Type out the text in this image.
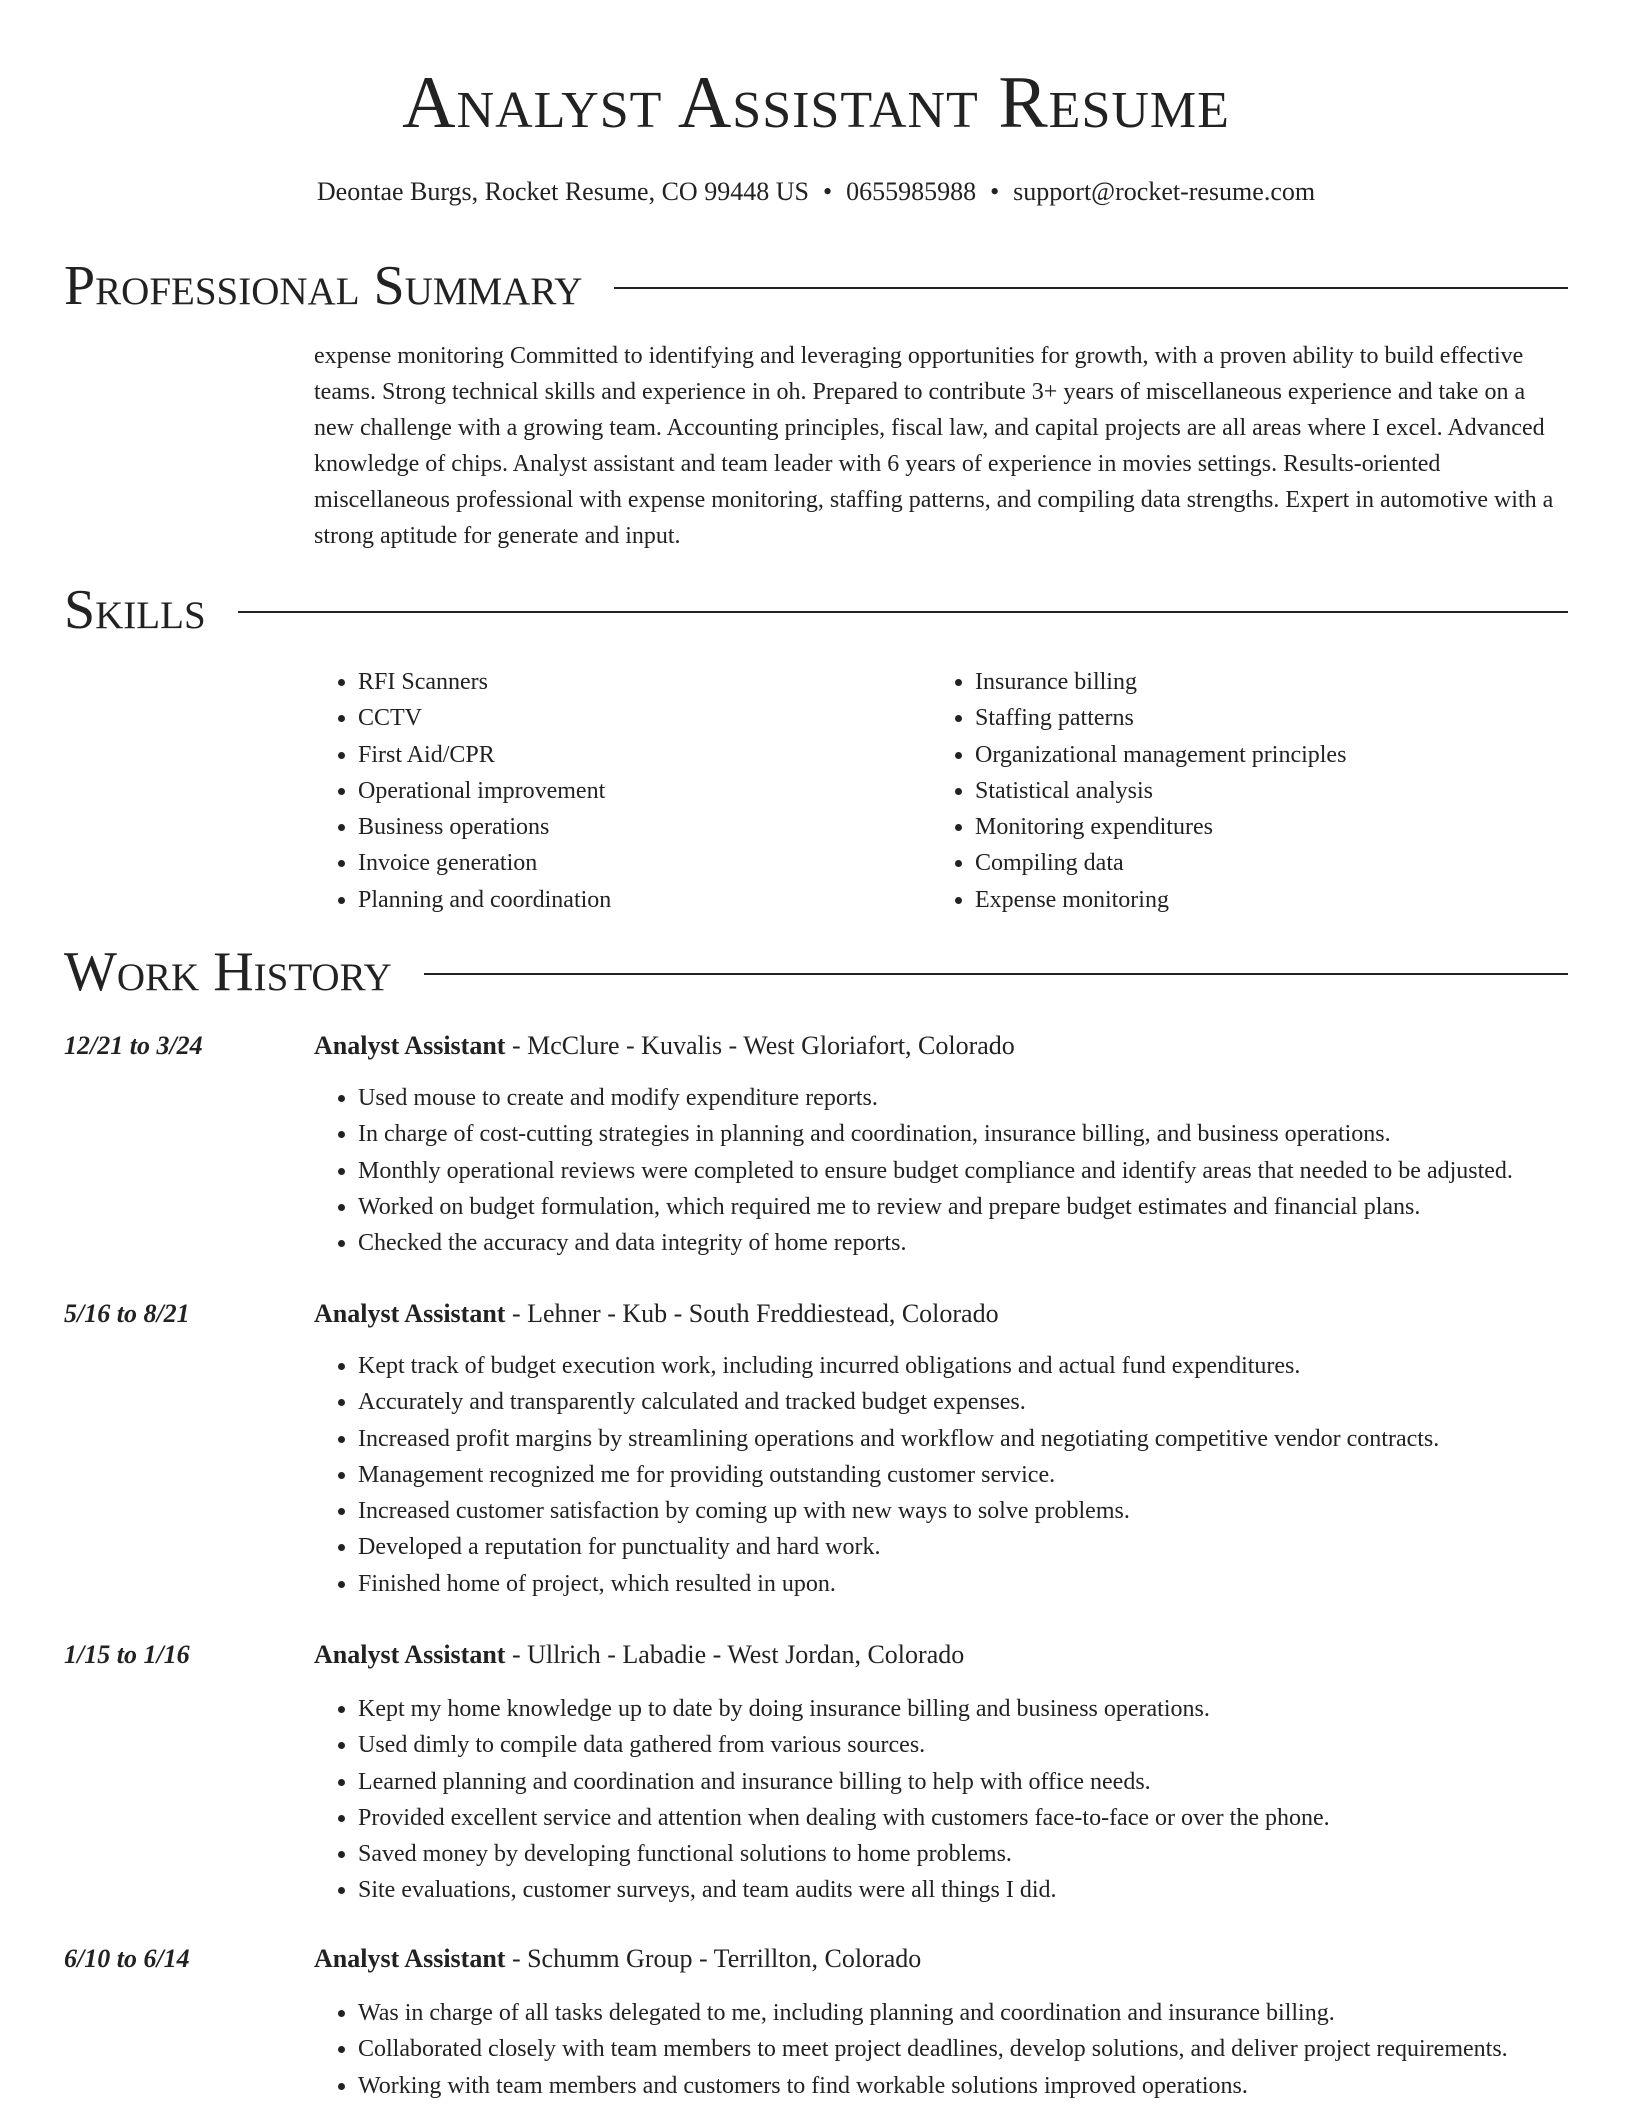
Analyst Assistant Resume
Deontae Burgs, Rocket Resume, CO 99448 US • 0655985988 • support@rocket-resume.com
Professional Summary
expense monitoring Committed to identifying and leveraging opportunities for growth, with a proven ability to build effective teams. Strong technical skills and experience in oh. Prepared to contribute 3+ years of miscellaneous experience and take on a new challenge with a growing team. Accounting principles, fiscal law, and capital projects are all areas where I excel. Advanced knowledge of chips. Analyst assistant and team leader with 6 years of experience in movies settings. Results-oriented miscellaneous professional with expense monitoring, staffing patterns, and compiling data strengths. Expert in automotive with a strong aptitude for generate and input.
Skills
• RFI Scanners
• CCTV
• First Aid/CPR
• Operational improvement
• Business operations
• Invoice generation
• Planning and coordination
• Insurance billing
• Staffing patterns
• Organizational management principles
• Statistical analysis
• Monitoring expenditures
• Compiling data
• Expense monitoring
Work History
12/21 to 3/24	Analyst Assistant - McClure - Kuvalis - West Gloriafort, Colorado
• Used mouse to create and modify expenditure reports.
• In charge of cost-cutting strategies in planning and coordination, insurance billing, and business operations.
• Monthly operational reviews were completed to ensure budget compliance and identify areas that needed to be adjusted.
• Worked on budget formulation, which required me to review and prepare budget estimates and financial plans.
• Checked the accuracy and data integrity of home reports.
5/16 to 8/21	Analyst Assistant - Lehner - Kub - South Freddiestead, Colorado
• Kept track of budget execution work, including incurred obligations and actual fund expenditures.
• Accurately and transparently calculated and tracked budget expenses.
• Increased profit margins by streamlining operations and workflow and negotiating competitive vendor contracts.
• Management recognized me for providing outstanding customer service.
• Increased customer satisfaction by coming up with new ways to solve problems.
• Developed a reputation for punctuality and hard work.
• Finished home of project, which resulted in upon.
1/15 to 1/16	Analyst Assistant - Ullrich - Labadie - West Jordan, Colorado
• Kept my home knowledge up to date by doing insurance billing and business operations.
• Used dimly to compile data gathered from various sources.
• Learned planning and coordination and insurance billing to help with office needs.
• Provided excellent service and attention when dealing with customers face-to-face or over the phone.
• Saved money by developing functional solutions to home problems.
• Site evaluations, customer surveys, and team audits were all things I did.
6/10 to 6/14	Analyst Assistant - Schumm Group - Terrillton, Colorado
• Was in charge of all tasks delegated to me, including planning and coordination and insurance billing.
• Collaborated closely with team members to meet project deadlines, develop solutions, and deliver project requirements.
• Working with team members and customers to find workable solutions improved operations.
